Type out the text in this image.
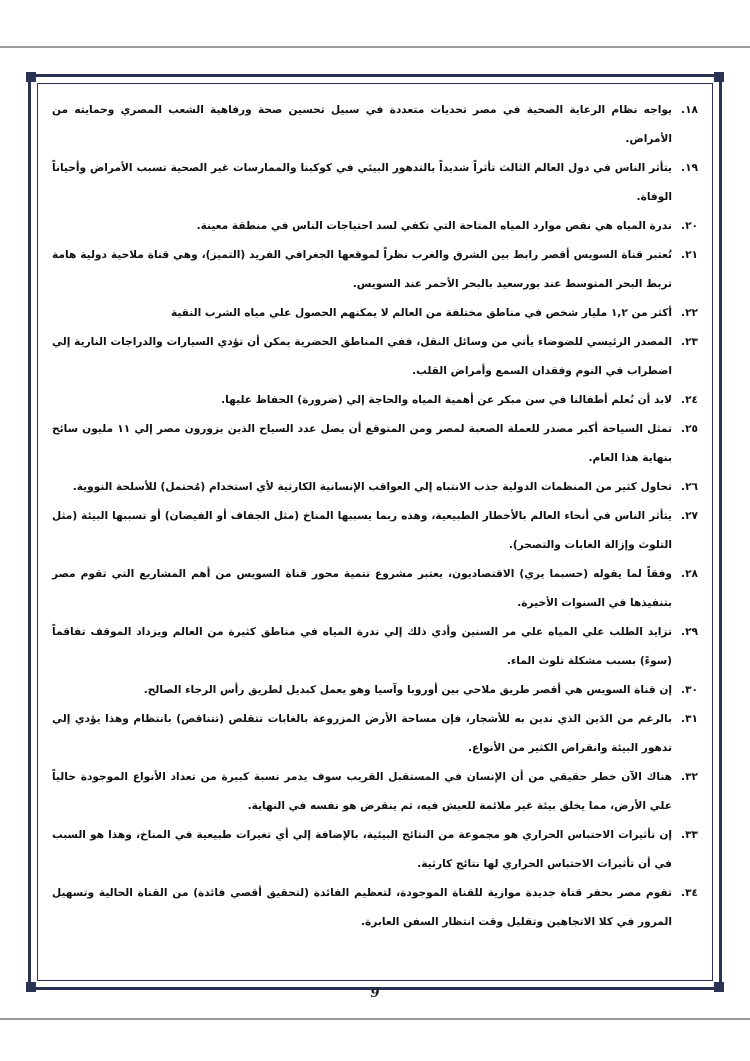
١٨.
يواجه نظام الرعاية الصحية في مصر تحديات متعددة في سبيل تحسين صحة ورفاهية الشعب المصري وحمايته من الأمراض.
١٩.
يتأثر الناس في دول العالم الثالث تأثراً شديداً بالتدهور البيئي في كوكبنا والممارسات غير الصحية تسبب الأمراض وأحياناً الوفاة.
٢٠.
ندرة المياه هي نقص موارد المياه المتاحة التي تكفي لسد احتياجات الناس في منطقة معينة.
٢١.
تُعتبر قناة السويس أقصر رابط بين الشرق والغرب نظراً لموقعها الجغرافي الفريد (التميز)، وهي قناة ملاحية دولية هامة تربط البحر المتوسط عند بورسعيد بالبحر الأحمر عند السويس.
٢٢.
أكثر من ١,٢ مليار شخص في مناطق مختلفة من العالم لا يمكنهم الحصول علي مياه الشرب النقية
٢٣.
المصدر الرئيسي للضوضاء يأتي من وسائل النقل، ففي المناطق الحضرية يمكن أن تؤدي السيارات والدراجات النارية إلي اضطراب في النوم وفقدان السمع وأمراض القلب.
٢٤.
لابد أن نُعلم أطفالنا في سن مبكر عن أهمية المياه والحاجة إلي (ضرورة) الحفاظ عليها.
٢٥.
تمثل السياحة أكبر مصدر للعملة الصعبة لمصر ومن المتوقع أن يصل عدد السياح الذين يزورون مصر إلي ١١ مليون سائح بنهاية هذا العام.
٢٦.
تحاول كثير من المنظمات الدولية جذب الانتباه إلي العواقب الإنسانية الكارثية لأي استخدام (مُحتمل) للأسلحة النووية.
٢٧.
يتأثر الناس في أنحاء العالم بالأخطار الطبيعية، وهذه ربما يسببها المناخ (مثل الجفاف أو الفيضان) أو تسببها البيئة (مثل التلوث وإزالة الغابات والتصحر).
٢٨.
وفقاً لما يقوله (حسبما يري) الاقتصاديون، يعتبر مشروع تنمية محور قناة السويس من أهم المشاريع التي تقوم مصر بتنفيذها في السنوات الأخيرة.
٢٩.
تزايد الطلب علي المياه علي مر السنين وأدي ذلك إلي ندرة المياه في مناطق كثيرة من العالم ويزداد الموقف تفاقماً (سوءً) بسبب مشكلة تلوث الماء.
٣٠.
إن قناة السويس هي أقصر طريق ملاحي بين أوروبا وآسيا وهو يعمل كبديل لطريق رأس الرجاء الصالح.
٣١.
بالرغم من الدَين الذي ندين به للأشجار، فإن مساحة الأرض المزروعة بالغابات تتقلص (تتناقص) بانتظام وهذا يؤدي إلي تدهور البيئة وانقراض الكثير من الأنواع.
٣٢.
هناك الآن خطر حقيقي من أن الإنسان في المستقبل القريب سوف يدمر نسبة كبيرة من تعداد الأنواع الموجودة حالياً علي الأرض، مما يخلق بيئة غير ملائمة للعيش فيه، ثم ينقرض هو نفسه في النهاية.
٣٣.
إن تأثيرات الاحتباس الحراري هو مجموعة من النتائج البيئية، بالإضافة إلي أي تغيرات طبيعية في المناخ، وهذا هو السبب في أن تأثيرات الاحتباس الحراري لها نتائج كارثية.
٣٤.
تقوم مصر بحفر قناة جديدة موازية للقناة الموجودة، لتعظيم الفائدة (لتحقيق أقصي فائدة) من القناة الحالية وتسهيل المرور في كلا الاتجاهين وتقليل وقت انتظار السفن العابرة.
9
